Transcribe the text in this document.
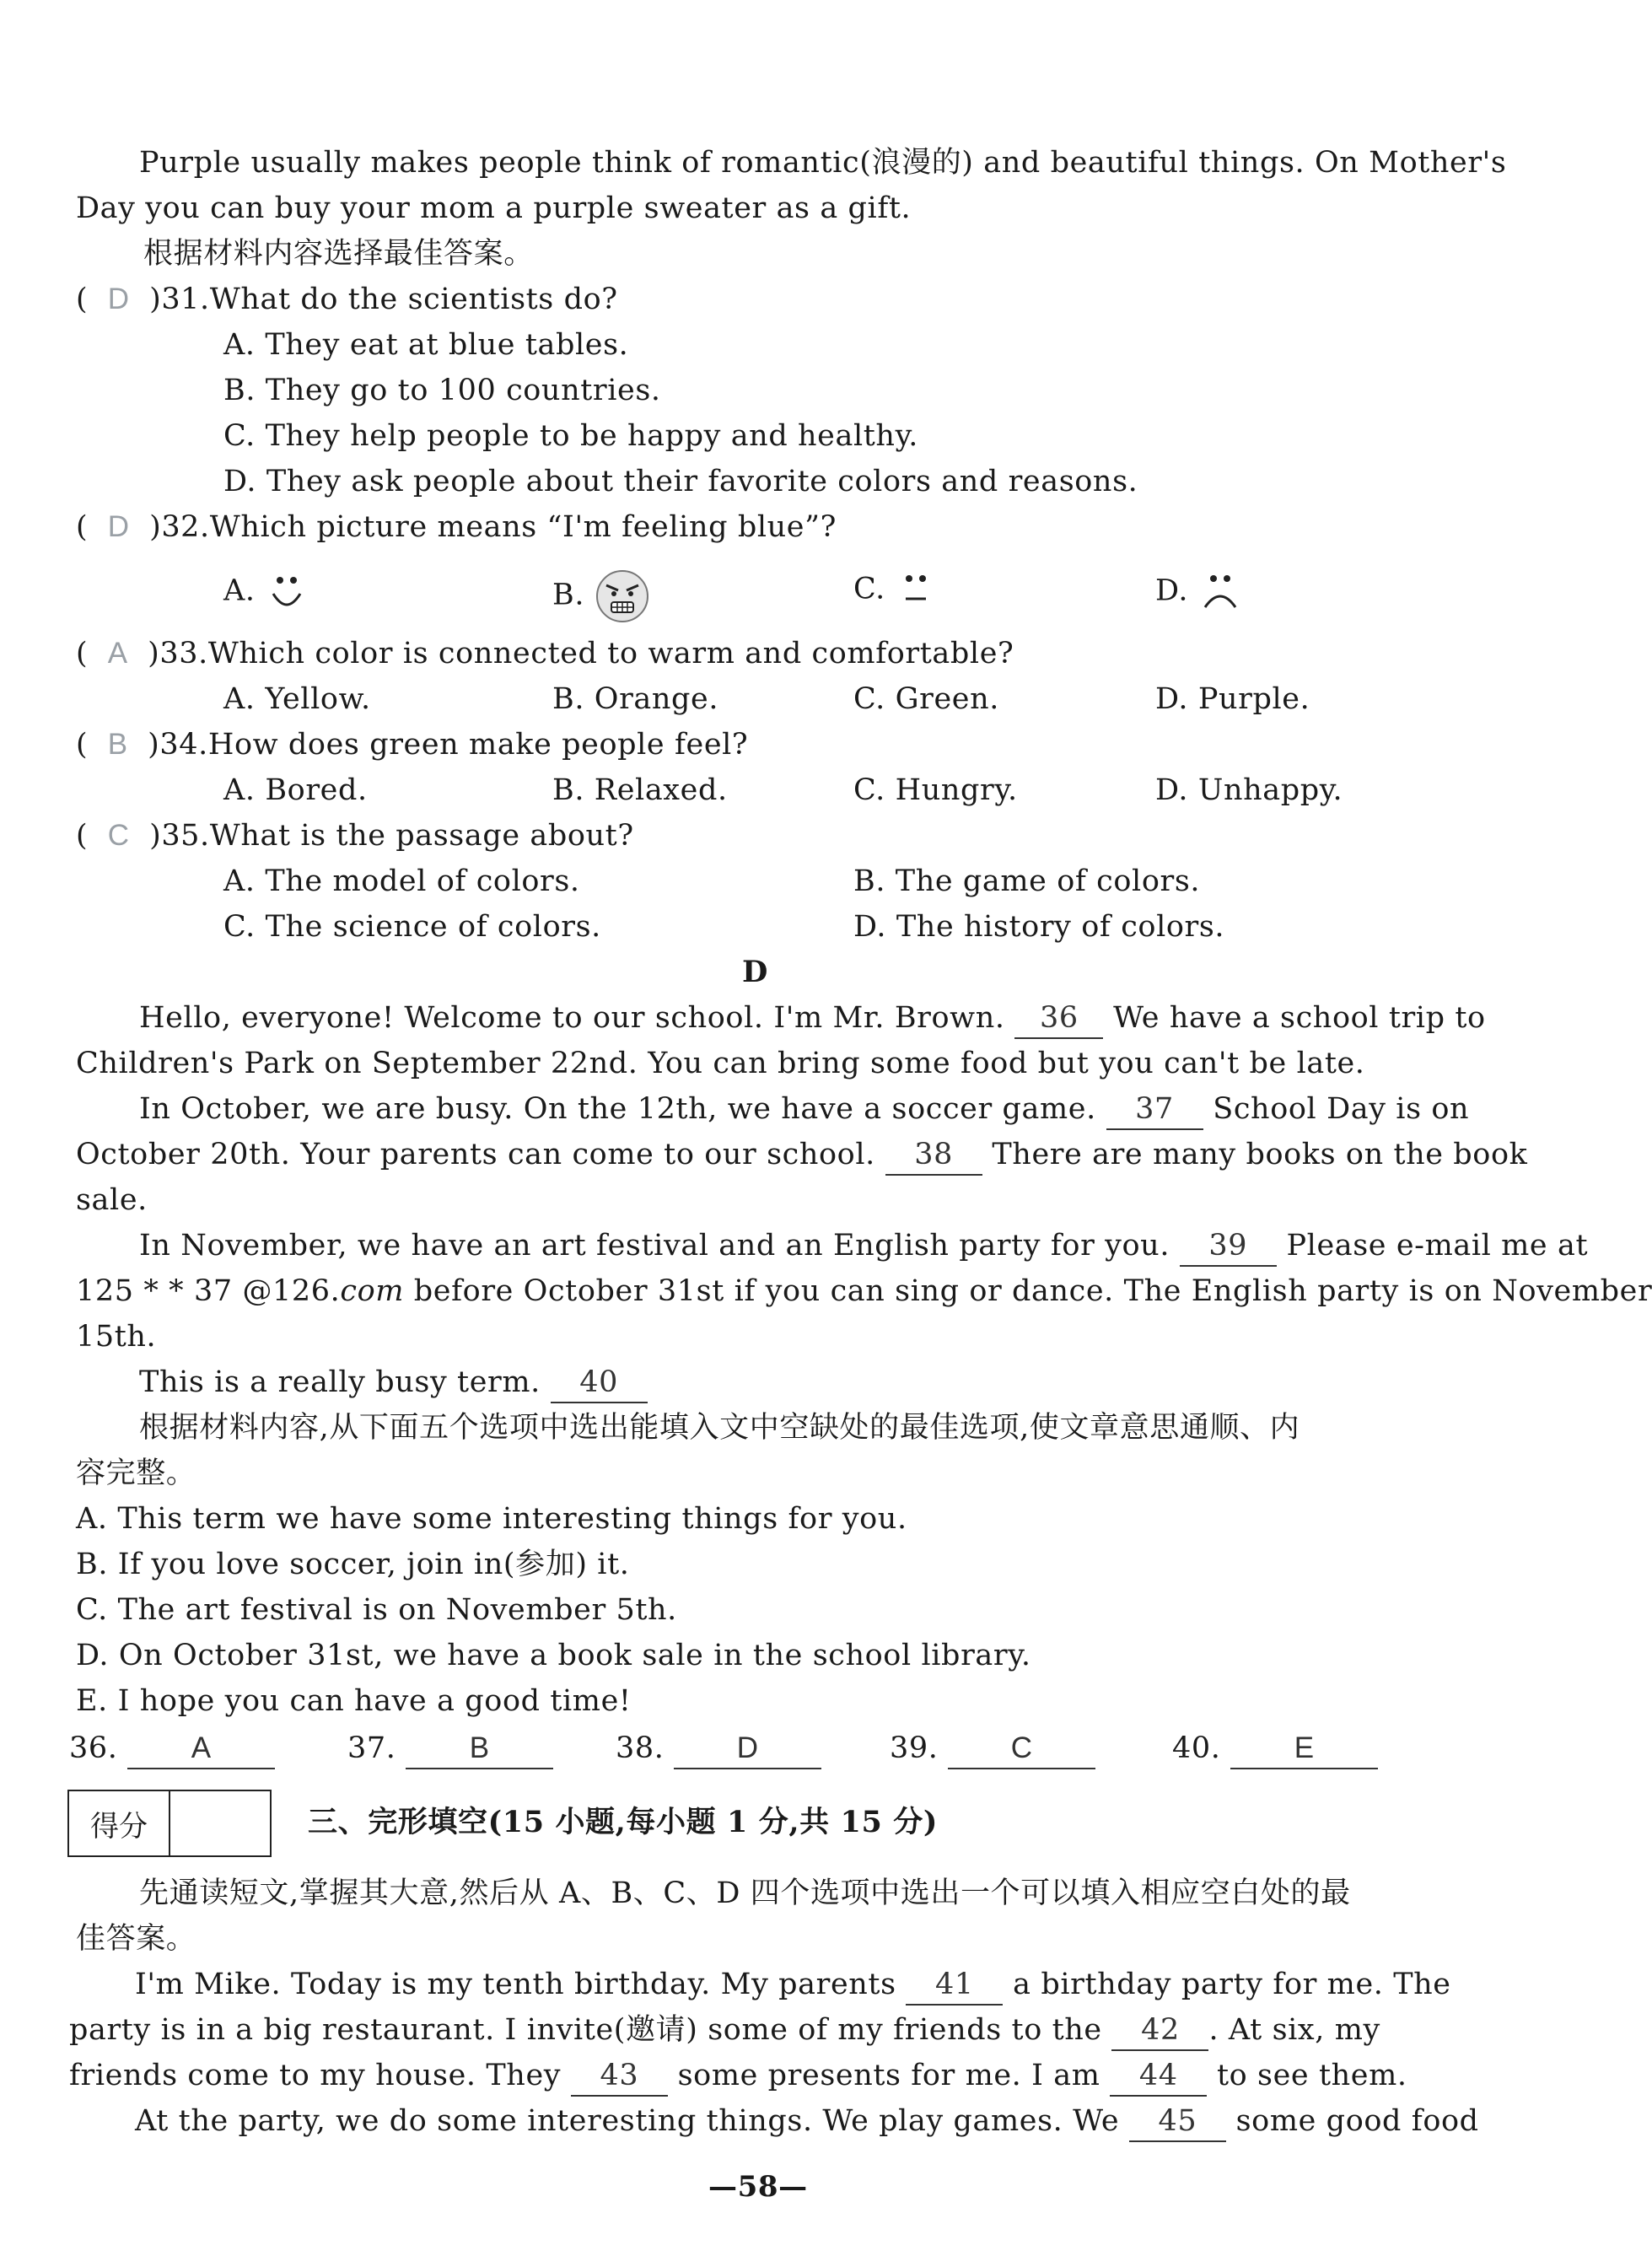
Purple usually makes people think of romantic(浪漫的) and beautiful things. On Mother's
Day you can buy your mom a purple sweater as a gift.
根据材料内容选择最佳答案。
(  D )31.What do the scientists do?
A. They eat at blue tables.
B. They go to 100 countries.
C. They help people to be happy and healthy.
D. They ask people about their favorite colors and reasons.
(  D )32.Which picture means “I'm feeling blue”?
A.	B.	C.	D.
(  A )33.Which color is connected to warm and comfortable?
A. Yellow.	B. Orange.	C. Green.	D. Purple.
(  B )34.How does green make people feel?
A. Bored.	B. Relaxed.	C. Hungry.	D. Unhappy.
(  C )35.What is the passage about?
A. The model of colors.	B. The game of colors.
C. The science of colors.	D. The history of colors.
D
Hello, everyone! Welcome to our school. I'm Mr. Brown. 36 We have a school trip to
Children's Park on September 22nd. You can bring some food but you can't be late.
In October, we are busy. On the 12th, we have a soccer game. 37 School Day is on
October 20th. Your parents can come to our school. 38 There are many books on the book
sale.
In November, we have an art festival and an English party for you. 39 Please e-mail me at
125 * * 37 @126.com before October 31st if you can sing or dance. The English party is on November
15th.
This is a really busy term. 40
根据材料内容,从下面五个选项中选出能填入文中空缺处的最佳选项,使文章意思通顺、内
容完整。
A. This term we have some interesting things for you.
B. If you love soccer, join in(参加) it.
C. The art festival is on November 5th.
D. On October 31st, we have a book sale in the school library.
E. I hope you can have a good time!
36. A	37. B	38. D	39. C	40. E
得分	三、完形填空(15 小题,每小题 1 分,共 15 分)
先通读短文,掌握其大意,然后从 A、B、C、D 四个选项中选出一个可以填入相应空白处的最
佳答案。
I'm Mike. Today is my tenth birthday. My parents 41 a birthday party for me. The
party is in a big restaurant. I invite(邀请) some of my friends to the 42 . At six, my
friends come to my house. They 43 some presents for me. I am 44 to see them.
At the party, we do some interesting things. We play games. We 45 some good food
—58—
